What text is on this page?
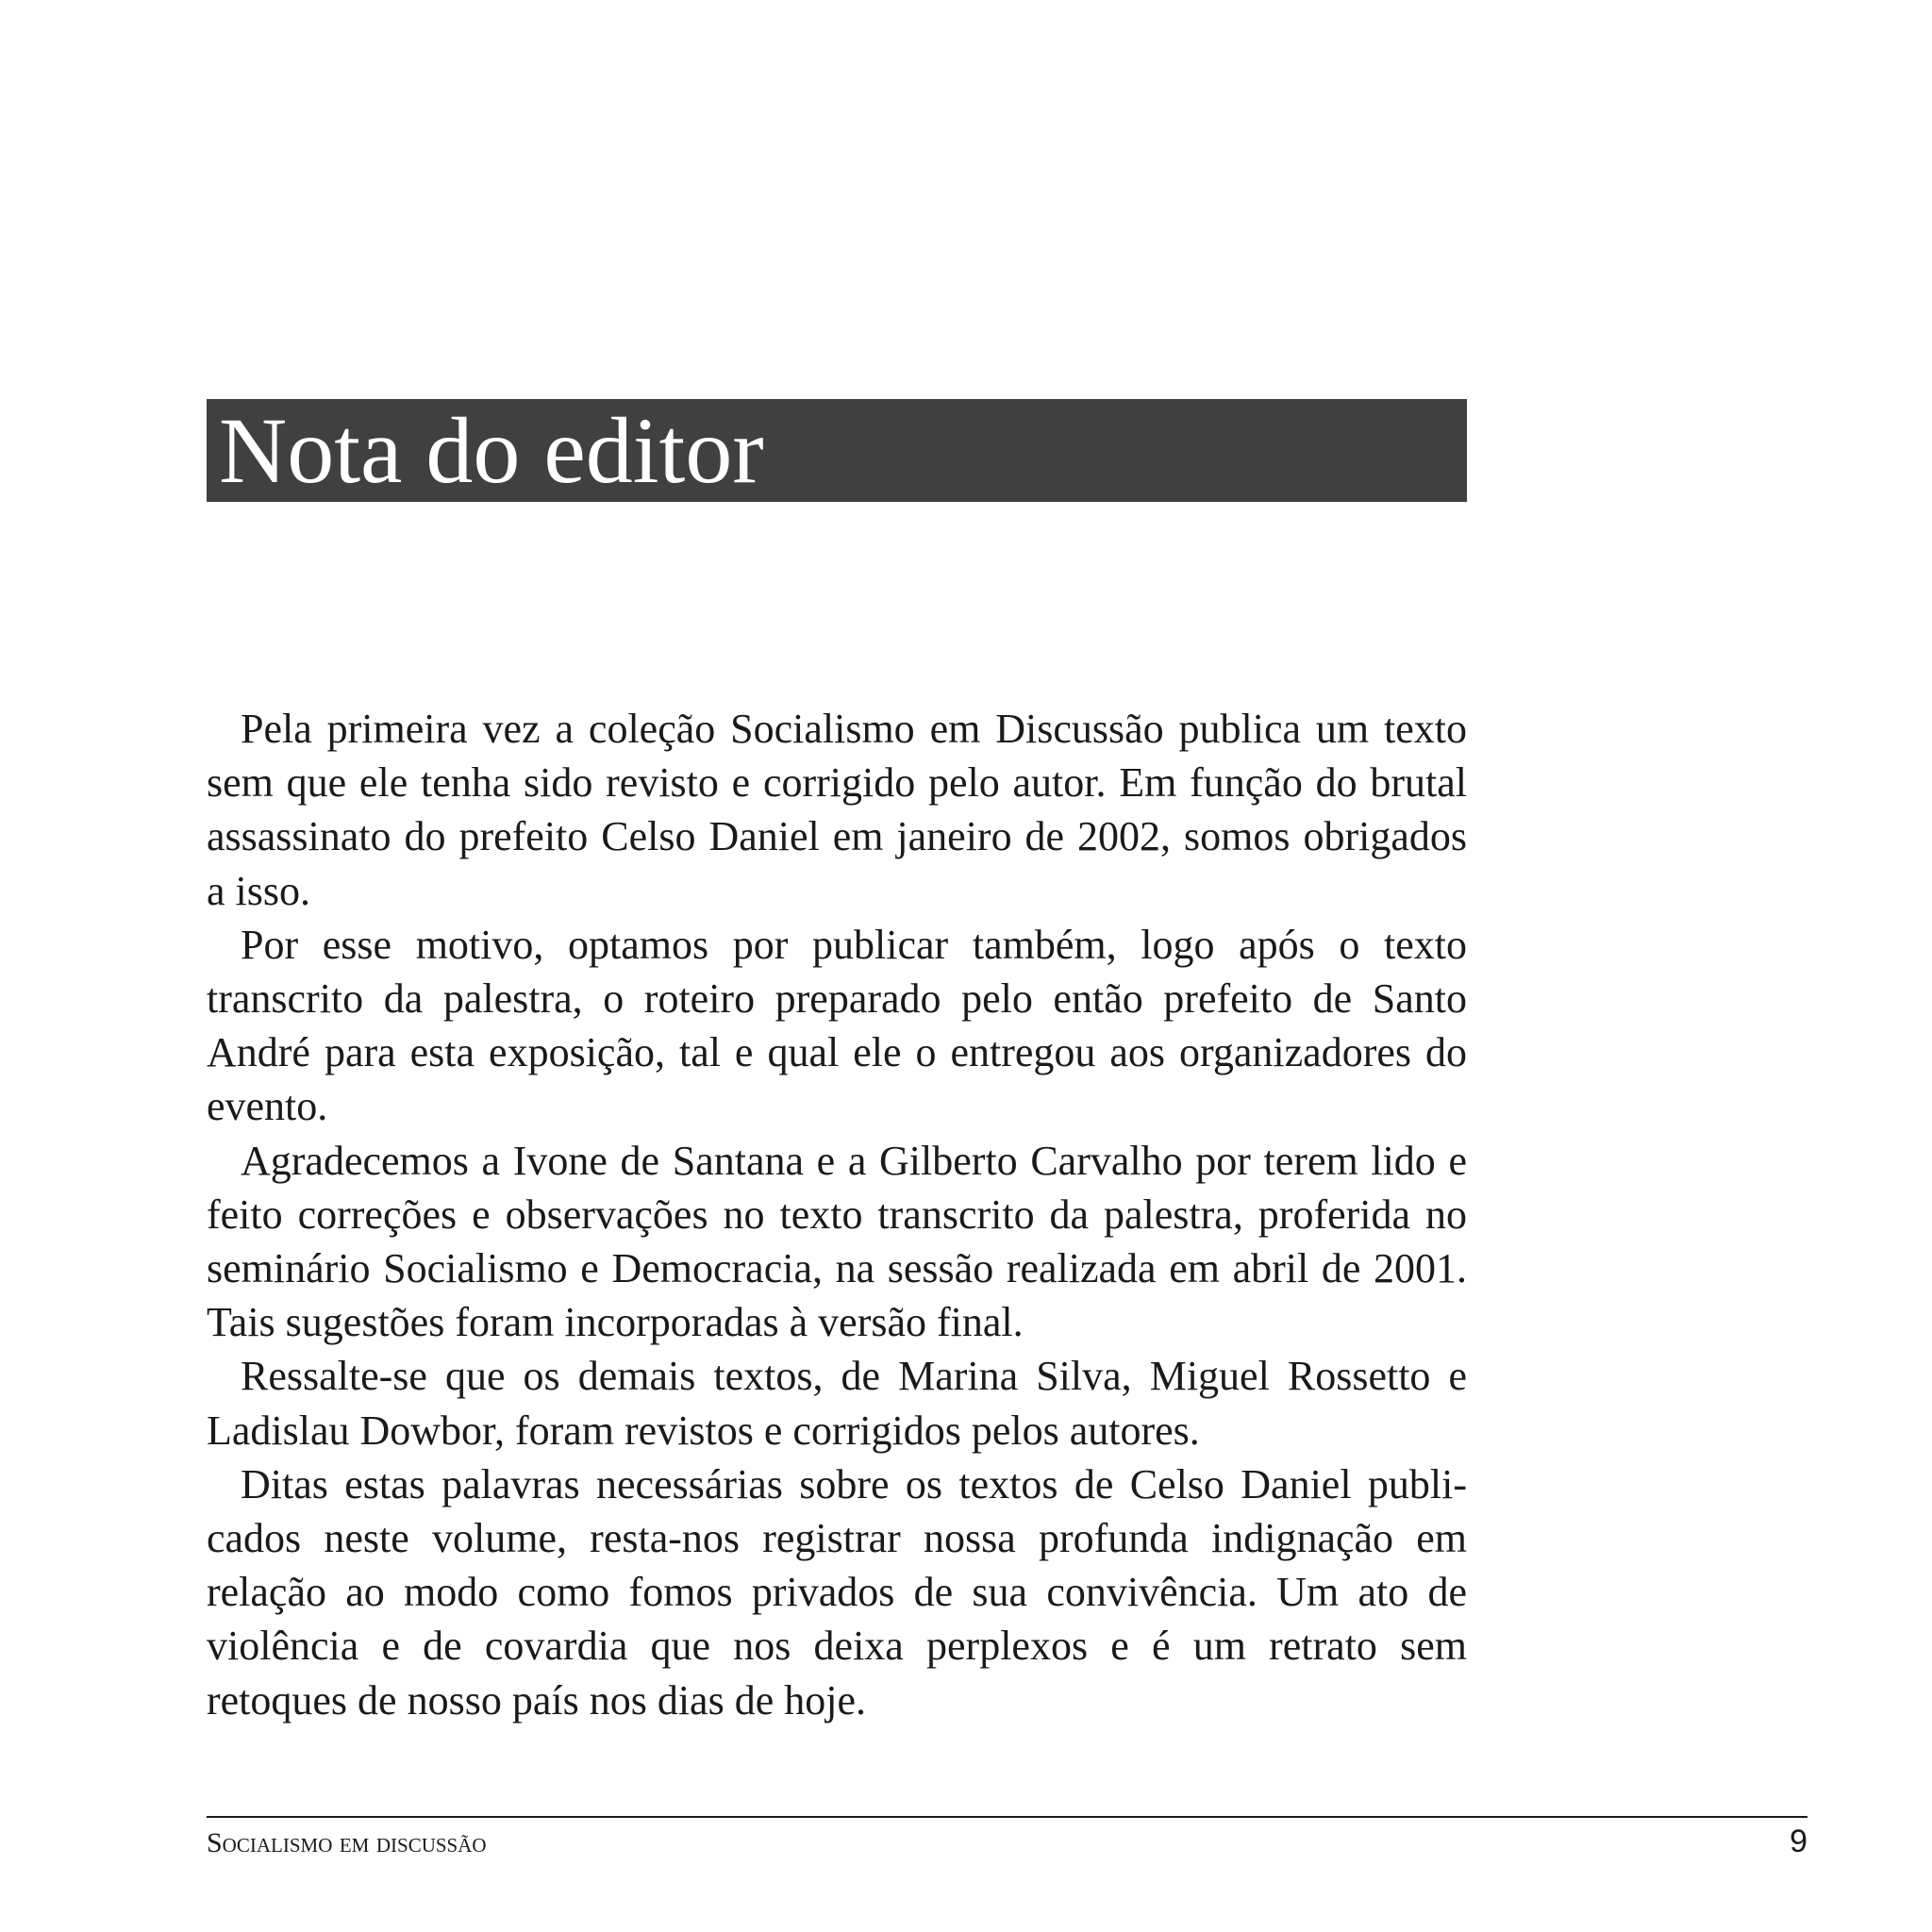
Nota do editor

Pela primeira vez a coleção Socialismo em Discussão publica um texto sem que ele tenha sido revisto e corrigido pelo autor. Em função do brutal assassinato do prefeito Celso Daniel em janeiro de 2002, somos obrigados a isso.

Por esse motivo, optamos por publicar também, logo após o texto transcrito da palestra, o roteiro preparado pelo então prefeito de Santo André para esta exposição, tal e qual ele o entregou aos organizadores do evento.

Agradecemos a Ivone de Santana e a Gilberto Carvalho por terem lido e feito correções e observações no texto transcrito da palestra, proferida no seminário Socialismo e Democracia, na sessão realizada em abril de 2001. Tais sugestões foram incorporadas à versão final.

Ressalte-se que os demais textos, de Marina Silva, Miguel Rossetto e Ladislau Dowbor, foram revistos e corrigidos pelos autores.

Ditas estas palavras necessárias sobre os textos de Celso Daniel publicados neste volume, resta-nos registrar nossa profunda indignação em relação ao modo como fomos privados de sua convivência. Um ato de violência e de covardia que nos deixa perplexos e é um retrato sem retoques de nosso país nos dias de hoje.

Socialismo em discussão	9
